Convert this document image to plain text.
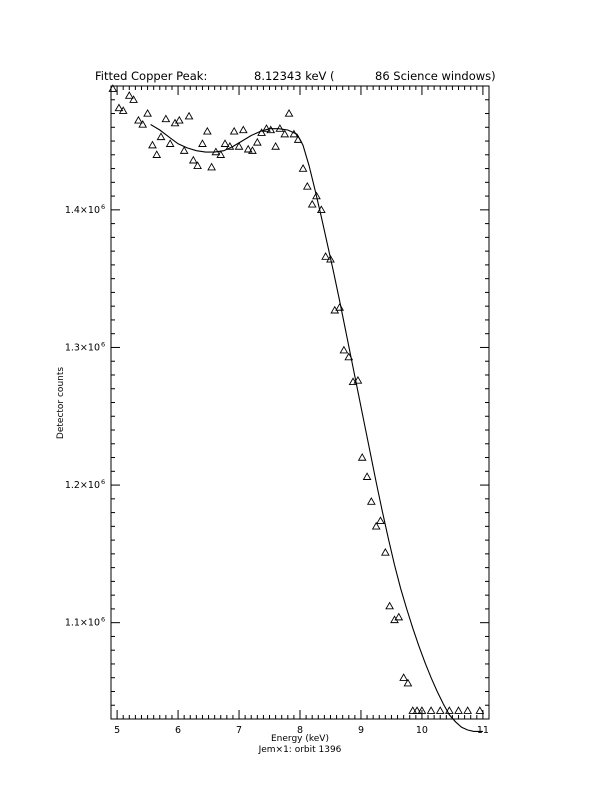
Fitted Copper Peak:	8.12343 keV (	86 Science windows)
5	6	7	8	9	10	11
1.1×10 6
1.2×10 6
1.3×10 6
1.4×10 6
Energy (keV)
Jem×1: orbit 1396
Detector counts
